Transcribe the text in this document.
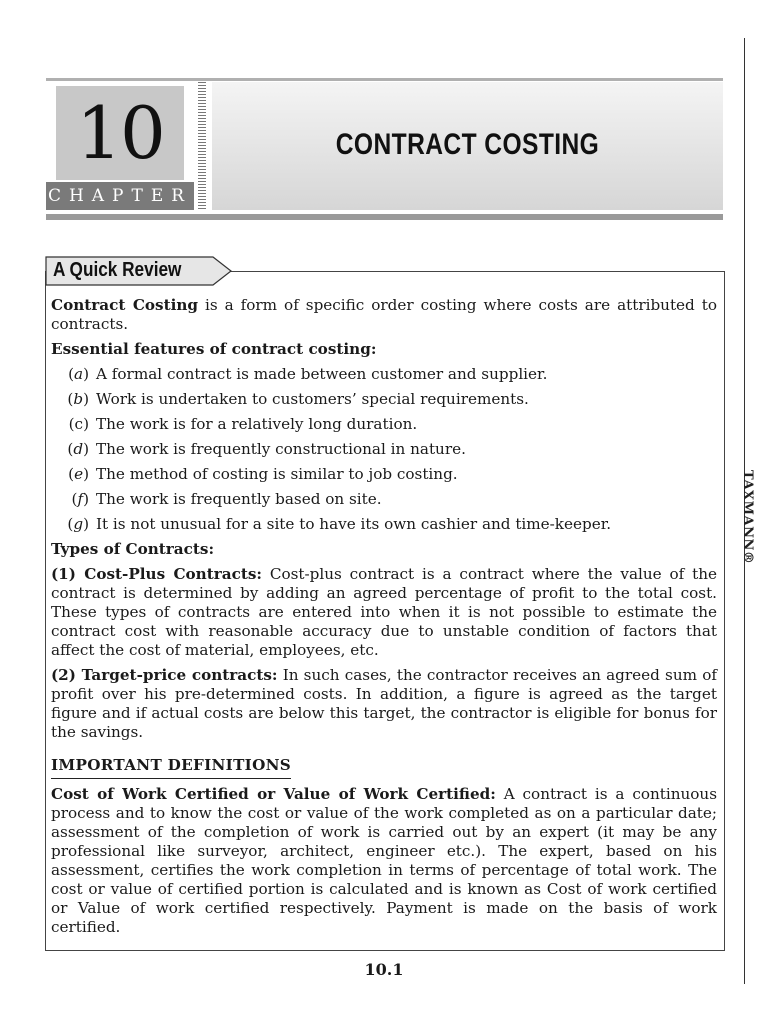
TAXMANN®
10
CHAPTER
CONTRACT COSTING
A Quick Review

Contract Costing is a form of specific order costing where costs are attributed to contracts.

Essential features of contract costing:

(a) A formal contract is made between customer and supplier.
(b) Work is undertaken to customers’ special requirements.
(c) The work is for a relatively long duration.
(d) The work is frequently constructional in nature.
(e) The method of costing is similar to job costing.
(f) The work is frequently based on site.
(g) It is not unusual for a site to have its own cashier and time-keeper.

Types of Contracts:

(1) Cost-Plus Contracts: Cost-plus contract is a contract where the value of the contract is determined by adding an agreed percentage of profit to the total cost. These types of contracts are entered into when it is not possible to estimate the contract cost with reasonable accuracy due to unstable condition of factors that affect the cost of material, employees, etc.

(2) Target-price contracts: In such cases, the contractor receives an agreed sum of profit over his pre-determined costs. In addition, a figure is agreed as the target figure and if actual costs are below this target, the contractor is eligible for bonus for the savings.

IMPORTANT DEFINITIONS

Cost of Work Certified or Value of Work Certified: A contract is a continuous process and to know the cost or value of the work completed as on a particular date; assessment of the completion of work is carried out by an expert (it may be any professional like surveyor, architect, engineer etc.). The expert, based on his assessment, certifies the work completion in terms of percentage of total work. The cost or value of certified portion is calculated and is known as Cost of work certified or Value of work certified respectively. Payment is made on the basis of work certified.

10.1
